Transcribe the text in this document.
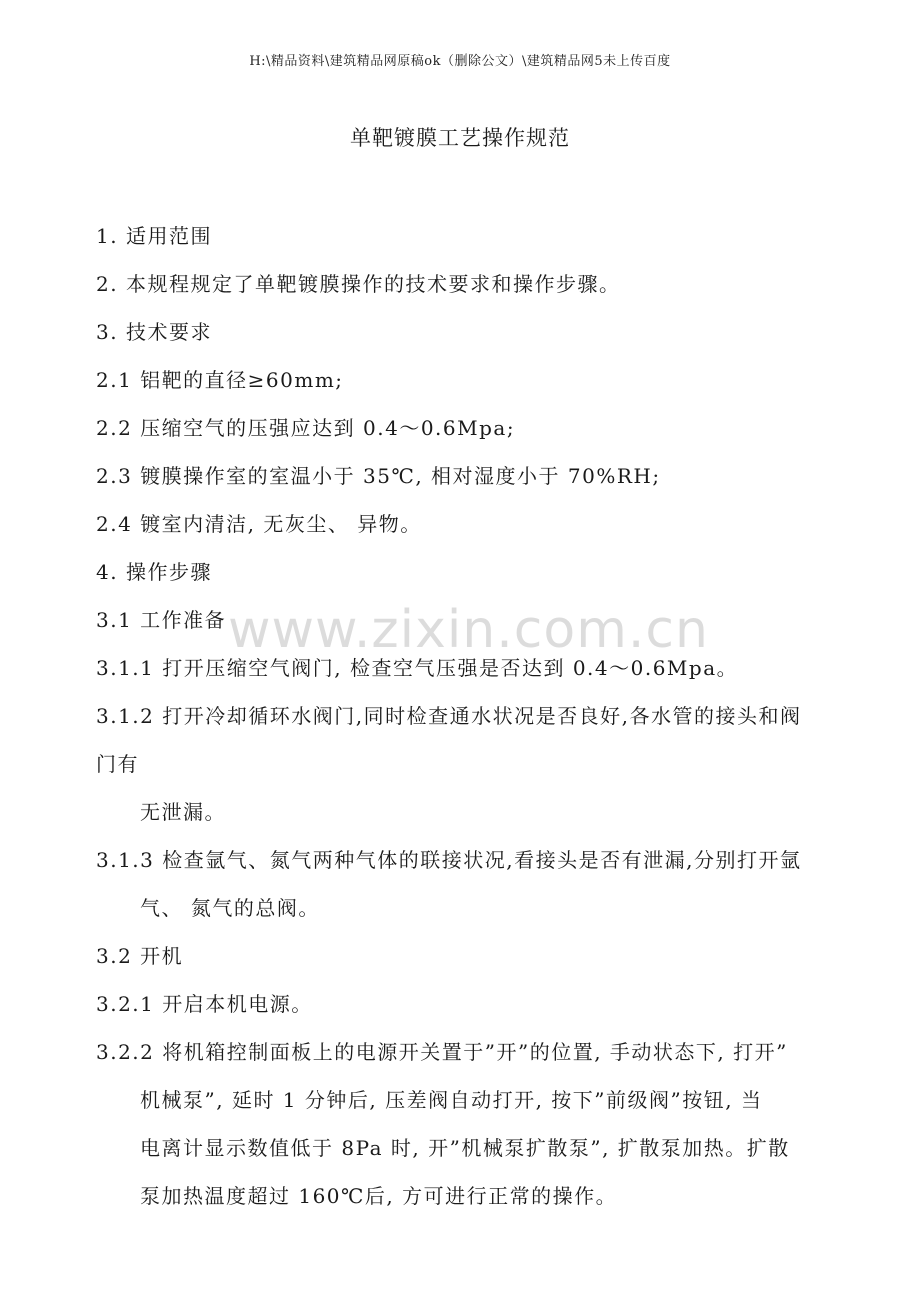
H:\精品资料\建筑精品网原稿ok（删除公文）\建筑精品网5未上传百度
单靶镀膜工艺操作规范
www.zixin.com.cn
1. 适用范围
2. 本规程规定了单靶镀膜操作的技术要求和操作步骤。
3. 技术要求
2.1 铝靶的直径≥60mm;
2.2 压缩空气的压强应达到 0.4～0.6Mpa;
2.3 镀膜操作室的室温小于 35℃, 相对湿度小于 70%RH;
2.4 镀室内清洁, 无灰尘、 异物。
4. 操作步骤
3.1 工作准备
3.1.1 打开压缩空气阀门, 检查空气压强是否达到 0.4～0.6Mpa。
3.1.2 打开冷却循环水阀门,同时检查通水状况是否良好,各水管的接头和阀
门有
无泄漏。
3.1.3 检查氩气、氮气两种气体的联接状况,看接头是否有泄漏,分别打开氩
气、 氮气的总阀。
3.2 开机
3.2.1 开启本机电源。
3.2.2 将机箱控制面板上的电源开关置于”开”的位置, 手动状态下, 打开”
机械泵”, 延时 1 分钟后, 压差阀自动打开, 按下”前级阀”按钮, 当
电离计显示数值低于 8Pa 时, 开”机械泵扩散泵”, 扩散泵加热。扩散
泵加热温度超过 160℃后, 方可进行正常的操作。
